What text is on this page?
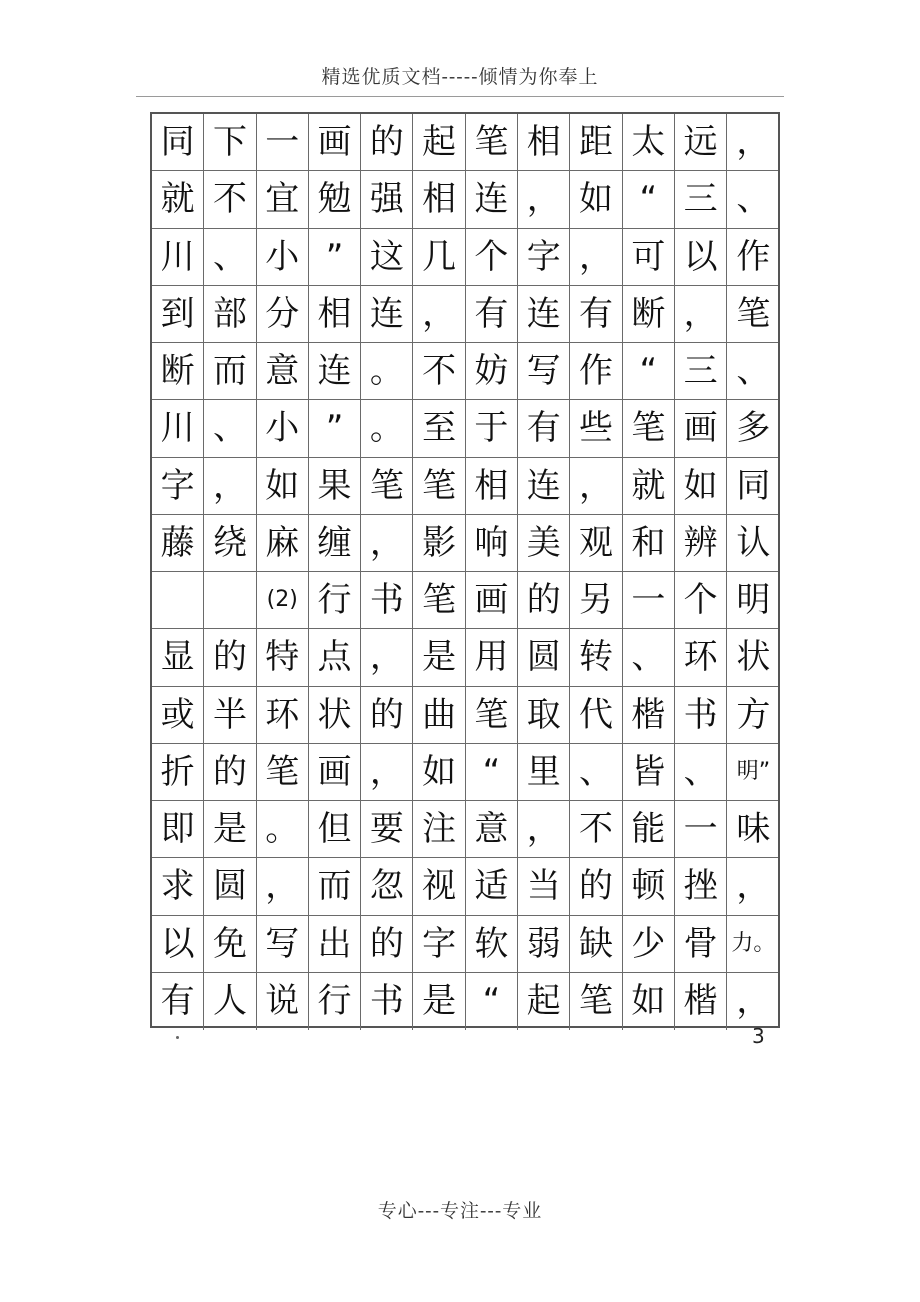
精选优质文档-----倾情为你奉上
同 下 一 画 的 起 笔 相 距 太 远 ，
就 不 宜 勉 强 相 连 ， 如 “ 三 、
川 、 小 ” 这 几 个 字 ， 可 以 作
到 部 分 相 连 ， 有 连 有 断 ， 笔
断 而 意 连 。 不 妨 写 作 “ 三 、
川 、 小 ” 。 至 于 有 些 笔 画 多
字 ， 如 果 笔 笔 相 连 ， 就 如 同
藤 绕 麻 缠 ， 影 响 美 观 和 辨 认
(2) 行 书 笔 画 的 另 一 个 明
显 的 特 点 ， 是 用 圆 转 、 环 状
或 半 环 状 的 曲 笔 取 代 楷 书 方
折 的 笔 画 ， 如 “ 里 、 皆 、 明”
即 是 。 但 要 注 意 ， 不 能 一 味
求 圆 ， 而 忽 视 适 当 的 顿 挫 ，
以 免 写 出 的 字 软 弱 缺 少 骨 力。
有 人 说 行 书 是 “ 起 笔 如 楷 ，
3
专心---专注---专业
